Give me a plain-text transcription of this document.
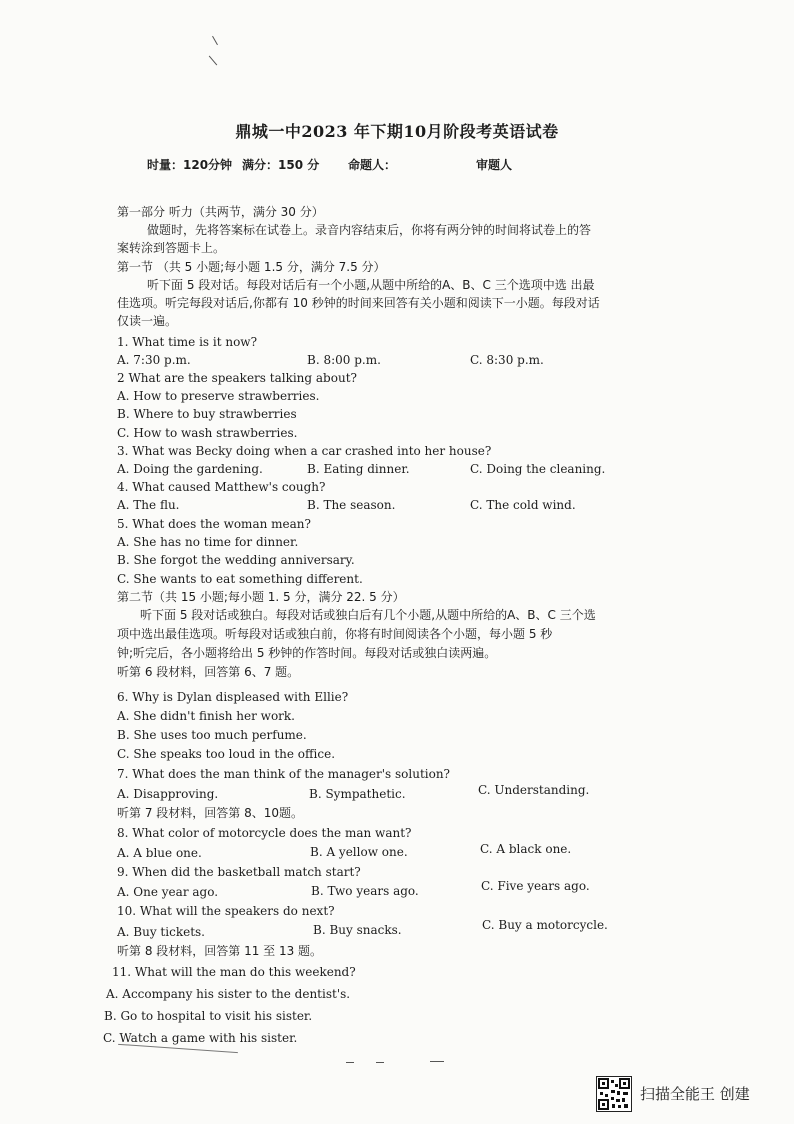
鼎城一中2023 年下期10月阶段考英语试卷
时量：120分钟 满分：150 分 命题人：	审题人
第一部分 听力（共两节，满分 30 分）
做题时，先将答案标在试卷上。录音内容结束后，你将有两分钟的时间将试卷上的答
案转涂到答题卡上。
第一节 （共 5 小题;每小题 1.5 分，满分 7.5 分）
听下面 5 段对话。每段对话后有一个小题,从题中所给的A、B、C 三个选项中选 出最
佳选项。听完每段对话后,你都有 10 秒钟的时间来回答有关小题和阅读下一小题。每段对话
仅读一遍。
1. What time is it now?
A. 7:30 p.m.	B. 8:00 p.m.	C. 8:30 p.m.
2 What are the speakers talking about?
A. How to preserve strawberries.
B. Where to buy strawberries
C. How to wash strawberries.
3. What was Becky doing when a car crashed into her house?
A. Doing the gardening.	B. Eating dinner.	C. Doing the cleaning.
4. What caused Matthew's cough?
A. The flu.	B. The season.	C. The cold wind.
5. What does the woman mean?
A. She has no time for dinner.
B. She forgot the wedding anniversary.
C. She wants to eat something different.
第二节（共 15 小题;每小题 1. 5 分，满分 22. 5 分）
听下面 5 段对话或独白。每段对话或独白后有几个小题,从题中所给的A、B、C 三个选
项中选出最佳选项。听每段对话或独白前，你将有时间阅读各个小题，每小题 5 秒
钟;听完后，各小题将给出 5 秒钟的作答时间。每段对话或独白读两遍。
听第 6 段材料，回答第 6、7 题。
6. Why is Dylan displeased with Ellie?
A. She didn't finish her work.
B. She uses too much perfume.
C. She speaks too loud in the office.
7. What does the man think of the manager's solution?
A. Disapproving.	B. Sympathetic.	C. Understanding.
听第 7 段材料，回答第 8、10题。
8. What color of motorcycle does the man want?
A. A blue one.	B. A yellow one.	C. A black one.
9. When did the basketball match start?
A. One year ago.	B. Two years ago.	C. Five years ago.
10. What will the speakers do next?
A. Buy tickets.	B. Buy snacks.	C. Buy a motorcycle.
听第 8 段材料，回答第 11 至 13 题。
11. What will the man do this weekend?
A. Accompany his sister to the dentist's.
B. Go to hospital to visit his sister.
C. Watch a game with his sister.
扫描全能王 创建
